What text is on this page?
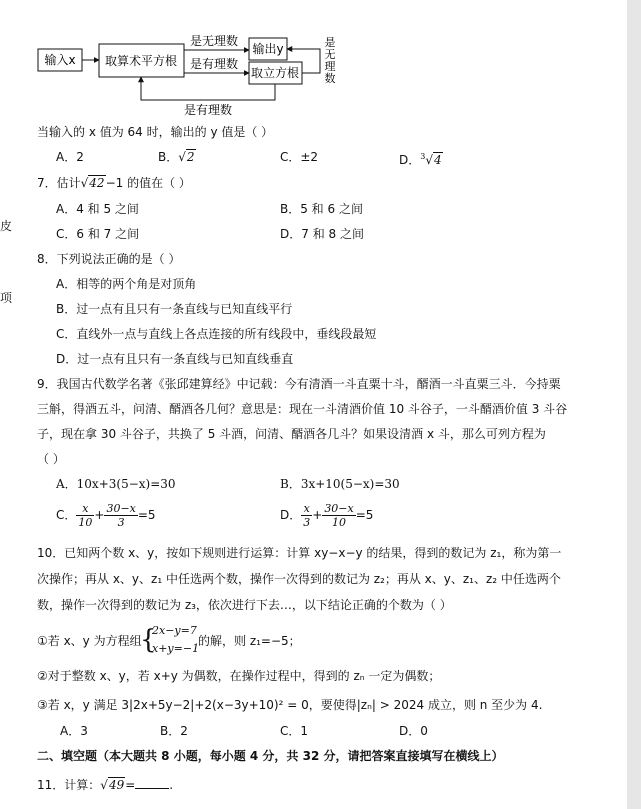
皮
项
输入x 取算术平方根
是无理数
是有理数
输出y
取立方根
是
无
理
数
是有理数
当输入的 x 值为 64 时，输出的 y 值是（ ）
A．2	B．√2	C．±2	D．$^3$√4
7．估计√42−1 的值在（ ）
A．4 和 5 之间	B．5 和 6 之间
C．6 和 7 之间	D．7 和 8 之间
8．下列说法正确的是（ ）
A．相等的两个角是对顶角
B．过一点有且只有一条直线与已知直线平行
C．直线外一点与直线上各点连接的所有线段中，垂线段最短
D．过一点有且只有一条直线与已知直线垂直
9．我国古代数学名著《张邱建算经》中记载：今有清酒一斗直粟十斗，醑酒一斗直粟三斗．今持粟
三斛，得酒五斗，问清、醑酒各几何？意思是：现在一斗清酒价值 10 斗谷子，一斗醑酒价值 3 斗谷
子，现在拿 30 斗谷子，共换了 5 斗酒，问清、醑酒各几斗？如果设清酒 x 斗，那么可列方程为
（ ）
A．10x+3(5−x)=30	B．3x+10(5−x)=30
C． $\frac{x}{10} + \frac{30-x}{3} =5$	D． $\frac{x}{3} + \frac{30-x}{10} =5$
10．已知两个数 x、y，按如下规则进行运算：计算 xy−x−y 的结果，得到的数记为 z₁，称为第一
次操作；再从 x、y、z₁ 中任选两个数，操作一次得到的数记为 z₂；再从 x、y、z₁、z₂ 中任选两个
数，操作一次得到的数记为 z₃，依次进行下去…，以下结论正确的个数为（ ）
①若 x、y 为方程组
{
2x−y=7
x+y=−1
的解，则 z₁=−5；
②对于整数 x、y，若 x+y 为偶数，在操作过程中，得到的 zₙ 一定为偶数；
③若 x，y 满足 3|2x+5y−2|+2(x−3y+10)² = 0，要使得|zₙ| > 2024 成立，则 n 至少为 4.
A．3	B．2	C．1	D．0
二、填空题（本大题共 8 小题，每小题 4 分，共 32 分，请把答案直接填写在横线上）
11．计算：√49=	.
